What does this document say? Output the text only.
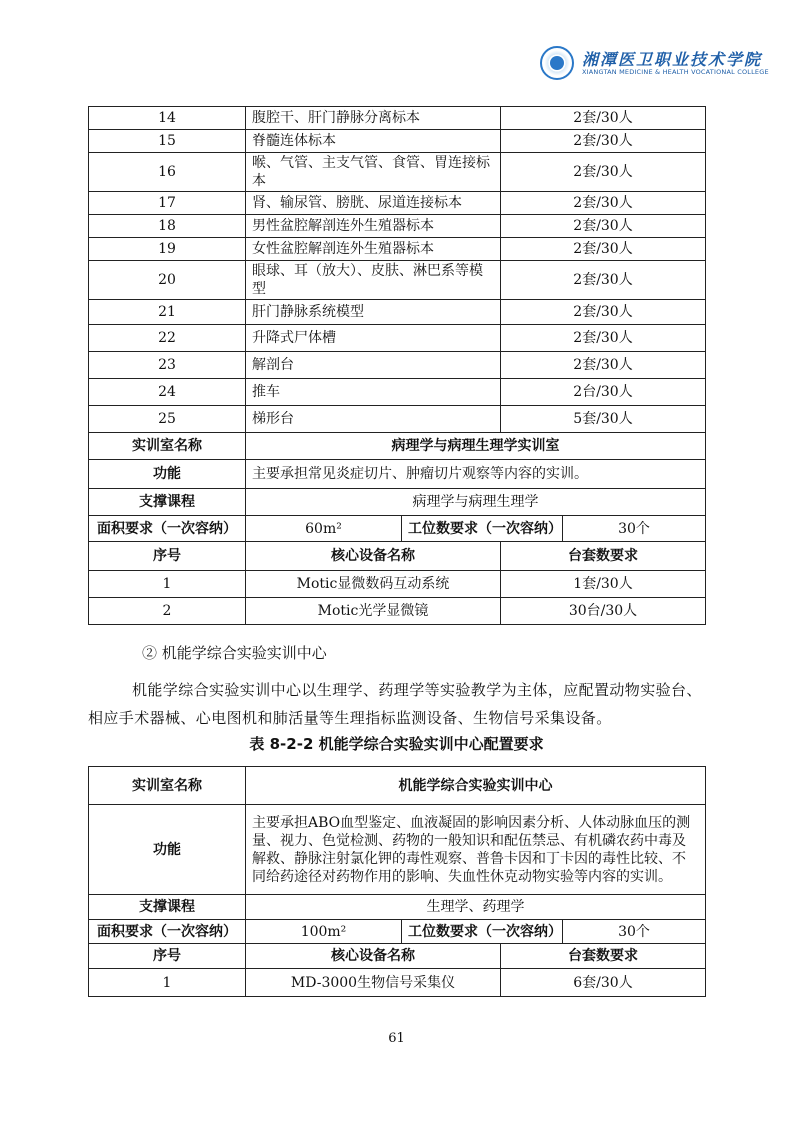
湘潭医卫职业技术学院
XIANGTAN MEDICINE & HEALTH VOCATIONAL COLLEGE
14	腹腔干、肝门静脉分离标本		2套/30人	
15	脊髓连体标本		2套/30人	
16	喉、气管、主支气管、食管、胃连接标本		2套/30人	
17	肾、输尿管、膀胱、尿道连接标本		2套/30人	
18	男性盆腔解剖连外生殖器标本		2套/30人	
19	女性盆腔解剖连外生殖器标本		2套/30人	
20	眼球、耳（放大）、皮肤、淋巴系等模型		2套/30人	
21	肝门静脉系统模型		2套/30人	
22	升降式尸体槽		2套/30人	
23	解剖台		2套/30人	
24	推车		2台/30人	
25	梯形台		5套/30人	
实训室名称	病理学与病理生理学实训室			
功能	主要承担常见炎症切片、肿瘤切片观察等内容的实训。			
支撑课程	病理学与病理生理学			
面积要求（一次容纳）	60m²	工位数要求（一次容纳）		30个
序号	核心设备名称		台套数要求	
1	Motic显微数码互动系统		1套/30人	
2	Motic光学显微镜		30台/30人	
② 机能学综合实验实训中心
机能学综合实验实训中心以生理学、药理学等实验教学为主体，应配置动物实验台、相应手术器械、心电图机和肺活量等生理指标监测设备、生物信号采集设备。
表 8-2-2 机能学综合实验实训中心配置要求
实训室名称	机能学综合实验实训中心			
功能	主要承担ABO血型鉴定、血液凝固的影响因素分析、人体动脉血压的测量、视力、色觉检测、药物的一般知识和配伍禁忌、有机磷农药中毒及解救、静脉注射氯化钾的毒性观察、普鲁卡因和丁卡因的毒性比较、不同给药途径对药物作用的影响、失血性休克动物实验等内容的实训。			
支撑课程	生理学、药理学			
面积要求（一次容纳）	100m²	工位数要求（一次容纳）		30个
序号	核心设备名称		台套数要求	
1	MD-3000生物信号采集仪		6套/30人	
61
